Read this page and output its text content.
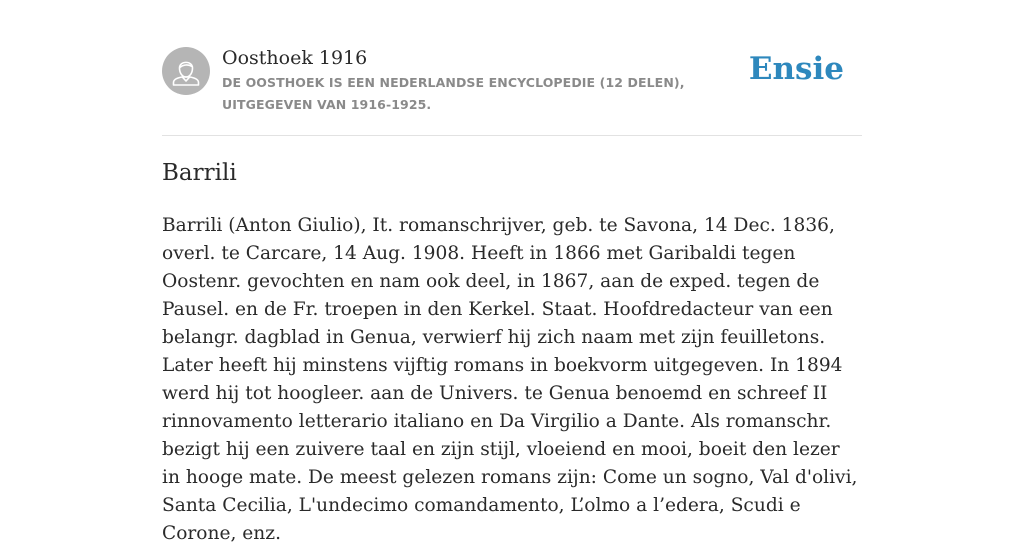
Oosthoek 1916
DE OOSTHOEK IS EEN NEDERLANDSE ENCYCLOPEDIE (12 DELEN), UITGEGEVEN VAN 1916-1925.
Ensie
Barrili

Barrili (Anton Giulio), It. romanschrijver, geb. te Savona, 14 Dec. 1836, overl. te Carcare, 14 Aug. 1908. Heeft in 1866 met Garibaldi tegen Oostenr. gevochten en nam ook deel, in 1867, aan de exped. tegen de Pausel. en de Fr. troepen in den Kerkel. Staat. Hoofdredacteur van een belangr. dagblad in Genua, verwierf hij zich naam met zijn feuilletons. Later heeft hij minstens vijftig romans in boekvorm uitgegeven. In 1894 werd hij tot hoogleer. aan de Univers. te Genua benoemd en schreef II rinnovamento letterario italiano en Da Virgilio a Dante. Als romanschr. bezigt hij een zuivere taal en zijn stijl, vloeiend en mooi, boeit den lezer in hooge mate. De meest gelezen romans zijn: Come un sogno, Val d'olivi, Santa Cecilia, L'undecimo comandamento, L’olmo a l’edera, Scudi e Corone, enz.
